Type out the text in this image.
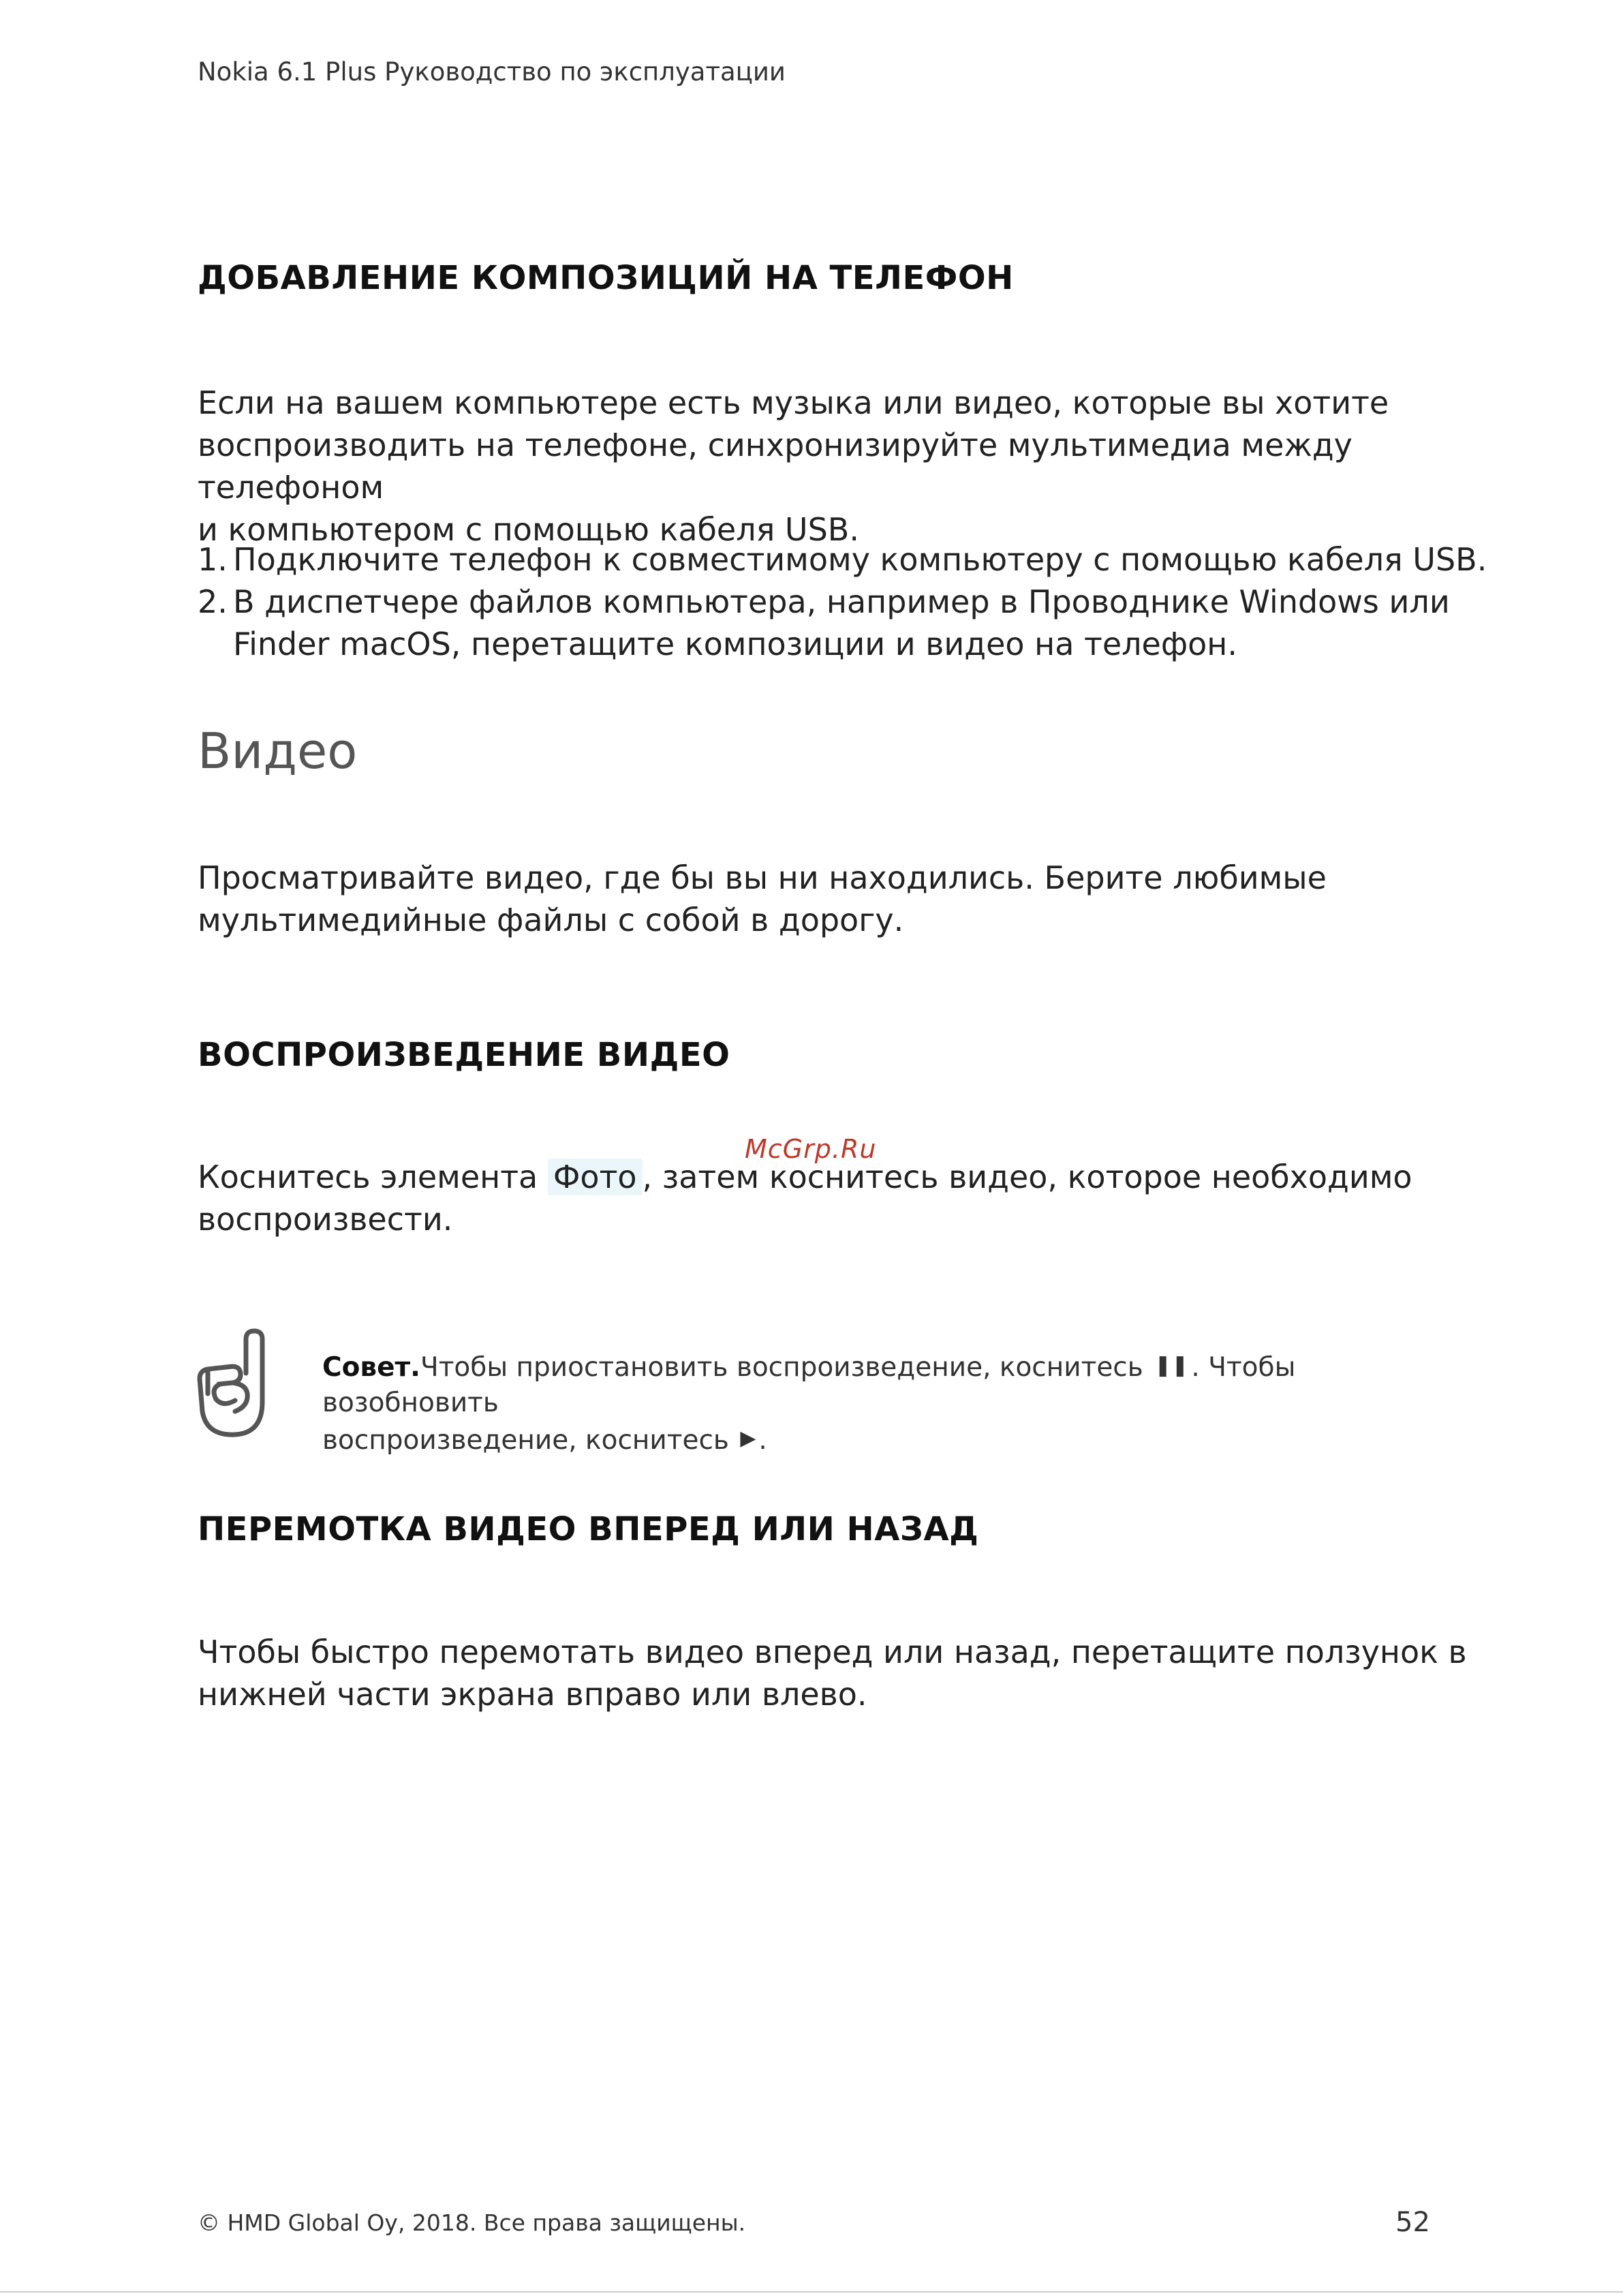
Nokia 6.1 Plus Руководство по эксплуатации
ДОБАВЛЕНИЕ КОМПОЗИЦИЙ НА ТЕЛЕФОН
Если на вашем компьютере есть музыка или видео, которые вы хотите
воспроизводить на телефоне, синхронизируйте мультимедиа между телефоном
и компьютером с помощью кабеля USB.
1. Подключите телефон к совместимому компьютеру с помощью кабеля USB.
2. В диспетчере файлов компьютера, например в Проводнике Windows или
Finder macOS, перетащите композиции и видео на телефон.
Видео
Просматривайте видео, где бы вы ни находились. Берите любимые
мультимедийные файлы с собой в дорогу.
ВОСПРОИЗВЕДЕНИЕ ВИДЕО
McGrp.Ru
Коснитесь элемента Фото , затем коснитесь видео, которое необходимо
воспроизвести.
Совет.Чтобы приостановить воспроизведение, коснитесь ❚❚ . Чтобы возобновить
воспроизведение, коснитесь ▶ .
ПЕРЕМОТКА ВИДЕО ВПЕРЕД ИЛИ НАЗАД
Чтобы быстро перемотать видео вперед или назад, перетащите ползунок в
нижней части экрана вправо или влево.
© HMD Global Oy, 2018. Все права защищены.	52
